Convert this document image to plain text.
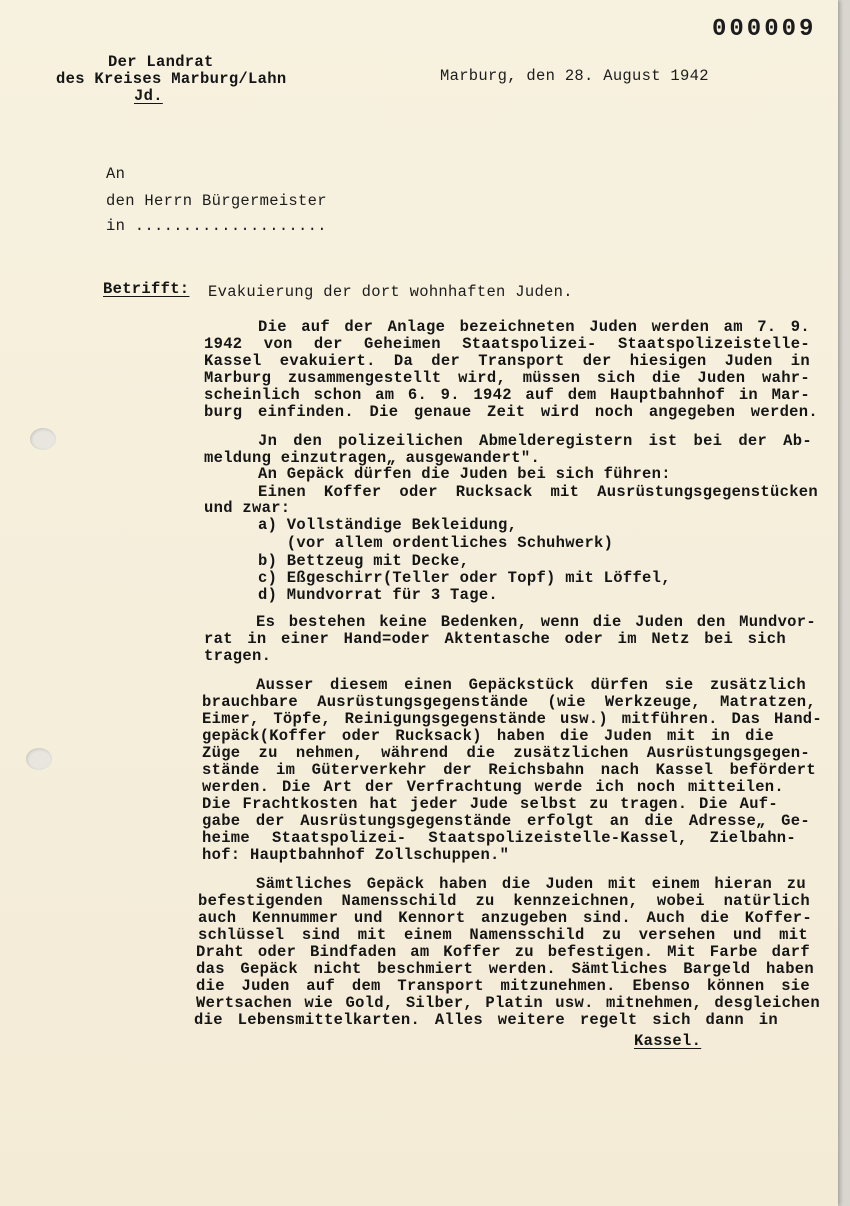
000009
Der Landrat
des Kreises Marburg/Lahn
Jd.
Marburg, den 28. August 1942
An
den Herrn Bürgermeister
in ....................
Betrifft: Evakuierung der dort wohnhaften Juden.
Die auf der Anlage bezeichneten Juden werden am 7. 9.
1942 von der Geheimen Staatspolizei- Staatspolizeistelle-
Kassel evakuiert. Da der Transport der hiesigen Juden in
Marburg zusammengestellt wird, müssen sich die Juden wahr-
scheinlich schon am 6. 9. 1942 auf dem Hauptbahnhof in Mar-
burg einfinden. Die genaue Zeit wird noch angegeben werden.
Jn den polizeilichen Abmelderegistern ist bei der Ab-
meldung einzutragen„ ausgewandert".
An Gepäck dürfen die Juden bei sich führen:
Einen Koffer oder Rucksack mit Ausrüstungsgegenstücken
und zwar:
a) Vollständige Bekleidung,
(vor allem ordentliches Schuhwerk)
b) Bettzeug mit Decke,
c) Eßgeschirr(Teller oder Topf) mit Löffel,
d) Mundvorrat für 3 Tage.
Es bestehen keine Bedenken, wenn die Juden den Mundvor-
rat in einer Hand=oder Aktentasche oder im Netz bei sich
tragen.
Ausser diesem einen Gepäckstück dürfen sie zusätzlich
brauchbare Ausrüstungsgegenstände (wie Werkzeuge, Matratzen,
Eimer, Töpfe, Reinigungsgegenstände usw.) mitführen. Das Hand-
gepäck(Koffer oder Rucksack) haben die Juden mit in die
Züge zu nehmen, während die zusätzlichen Ausrüstungsgegen-
stände im Güterverkehr der Reichsbahn nach Kassel befördert
werden. Die Art der Verfrachtung werde ich noch mitteilen.
Die Frachtkosten hat jeder Jude selbst zu tragen. Die Auf-
gabe der Ausrüstungsgegenstände erfolgt an die Adresse„ Ge-
heime Staatspolizei- Staatspolizeistelle-Kassel, Zielbahn-
hof: Hauptbahnhof Zollschuppen."
Sämtliches Gepäck haben die Juden mit einem hieran zu
befestigenden Namensschild zu kennzeichnen, wobei natürlich
auch Kennummer und Kennort anzugeben sind. Auch die Koffer-
schlüssel sind mit einem Namensschild zu versehen und mit
Draht oder Bindfaden am Koffer zu befestigen. Mit Farbe darf
das Gepäck nicht beschmiert werden. Sämtliches Bargeld haben
die Juden auf dem Transport mitzunehmen. Ebenso können sie
Wertsachen wie Gold, Silber, Platin usw. mitnehmen, desgleichen
die Lebensmittelkarten. Alles weitere regelt sich dann in
Kassel.
